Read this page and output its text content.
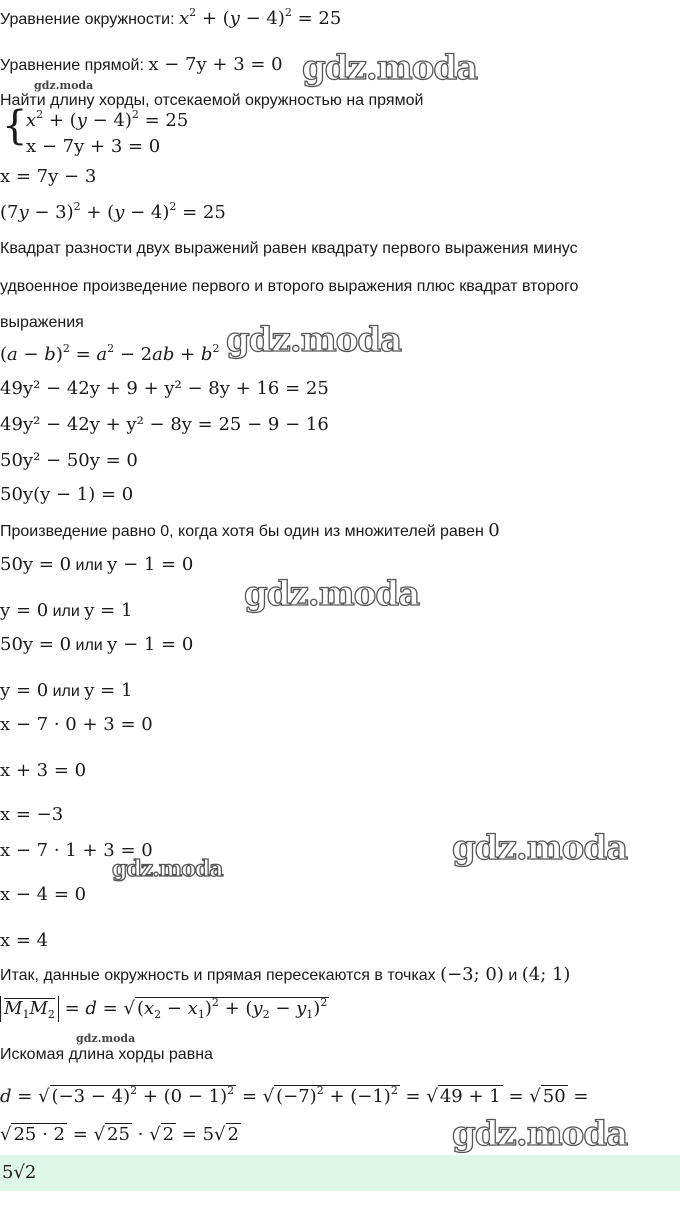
Уравнение окружности: $x^2 + (y - 4)^2 = 25$
Уравнение прямой: x − 7y + 3 = 0
Найти длину хорды, отсекаемой окружностью на прямой
{
$x^2 + (y - 4)^2 = 25$
x − 7y + 3 = 0
x = 7y − 3
$(7y - 3)^2 + (y - 4)^2 = 25$
Квадрат разности двух выражений равен квадрату первого выражения минус
удвоенное произведение первого и второго выражения плюс квадрат второго
выражения
$(a - b)^2 = a^2 - 2ab + b^2$
49y² − 42y + 9 + y² − 8y + 16 = 25
49y² − 42y + y² − 8y = 25 − 9 − 16
50y² − 50y = 0
50y(y − 1) = 0
Произведение равно 0, когда хотя бы один из множителей равен 0
50y = 0 или y − 1 = 0
y = 0 или y = 1
50y = 0 или y − 1 = 0
y = 0 или y = 1
x − 7 · 0 + 3 = 0
x + 3 = 0
x = −3
x − 7 · 1 + 3 = 0
x − 4 = 0
x = 4
Итак, данные окружность и прямая пересекаются в точках (−3; 0) и (4; 1)
$M_1M_2 = d$ = √ $(x_2 - x_1)^2 + (y_2 - y_1)^2$
Искомая длина хорды равна
d = √ $(-3 - 4)^2 + (0 - 1)^2$ = √ $(-7)^2 + (-1)^2$ = √ 49 + 1 = √ 50 =
√ 25 · 2 = √ 25 · √ 2 = 5√ 2
5√2
gdz.moda
gdz.moda
gdz.moda
gdz.moda
gdz.moda
gdz.moda
gdz.moda
gdz.moda
